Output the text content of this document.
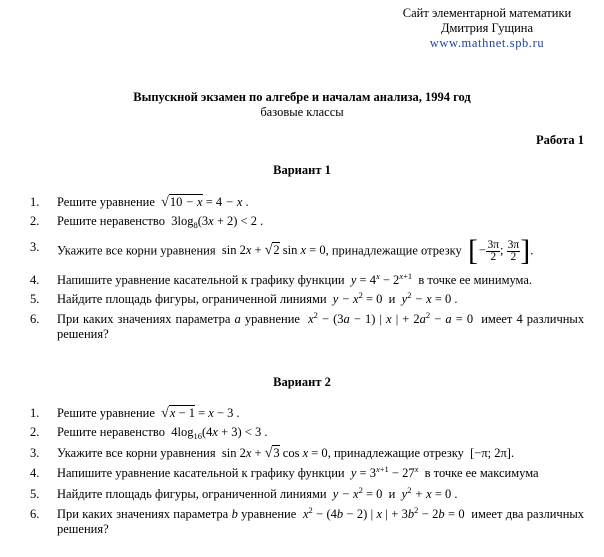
Сайт элементарной математики
Дмитрия Гущина
www.mathnet.spb.ru
Выпускной экзамен по алгебре и началам анализа, 1994 год
базовые классы
Работа 1
Вариант 1
1. Решите уравнение √10 − x = 4 − x .
2. Решите неравенство $3\log_8(3x + 2) < 2$ .
3. Укажите все корни уравнения sin 2x + √2 sin x = 0, принадлежащие отрезку [− $\frac{3\pi}{2}$ ; $\frac{3\pi}{2}$ ].
4. Напишите уравнение касательной к графику функции $y = 4^x - 2^{x+1}$ в точке ее минимума.
5. Найдите площадь фигуры, ограниченной линиями $y - x^2 = 0$ и $y^2 - x = 0$ .
6. При каких значениях параметра a уравнение $x^2 - (3a - 1)$ | x | + $2a^2 - a = 0$ имеет 4 различных решения?
Вариант 2
1. Решите уравнение √x − 1 = x − 3 .
2. Решите неравенство $4\log_{16}(4x + 3) < 3$ .
3. Укажите все корни уравнения sin 2x + √3 cos x = 0, принадлежащие отрезку [−π; 2π].
4. Напишите уравнение касательной к графику функции $y = 3^{x+1} - 27^x$ в точке ее максимума
5. Найдите площадь фигуры, ограниченной линиями $y - x^2 = 0$ и $y^2 + x = 0$ .
6. При каких значениях параметра b уравнение $x^2 - (4b - 2)$ | x | + $3b^2 - 2b = 0$ имеет два различных решения?
